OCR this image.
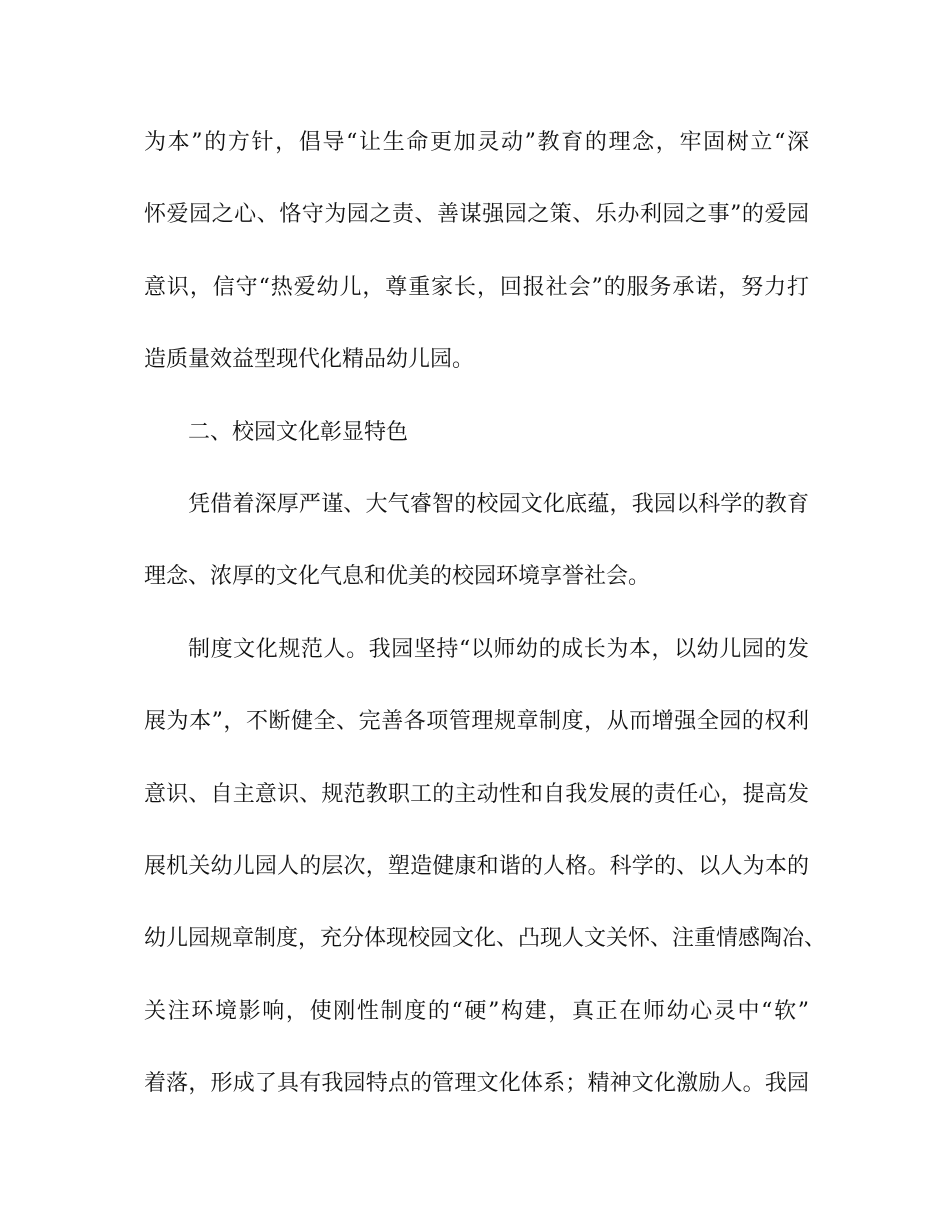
为本”的方针，倡导“让生命更加灵动”教育的理念，牢固树立“深
怀爱园之心、恪守为园之责、善谋强园之策、乐办利园之事”的爱园
意识，信守“热爱幼儿，尊重家长，回报社会”的服务承诺，努力打
造质量效益型现代化精品幼儿园。
二、校园文化彰显特色
凭借着深厚严谨、大气睿智的校园文化底蕴，我园以科学的教育
理念、浓厚的文化气息和优美的校园环境享誉社会。
制度文化规范人。我园坚持“以师幼的成长为本，以幼儿园的发
展为本”，不断健全、完善各项管理规章制度，从而增强全园的权利
意识、自主意识、规范教职工的主动性和自我发展的责任心，提高发
展机关幼儿园人的层次，塑造健康和谐的人格。科学的、以人为本的
幼儿园规章制度，充分体现校园文化、凸现人文关怀、注重情感陶冶、
关注环境影响，使刚性制度的“硬”构建，真正在师幼心灵中“软”
着落，形成了具有我园特点的管理文化体系；精神文化激励人。我园
